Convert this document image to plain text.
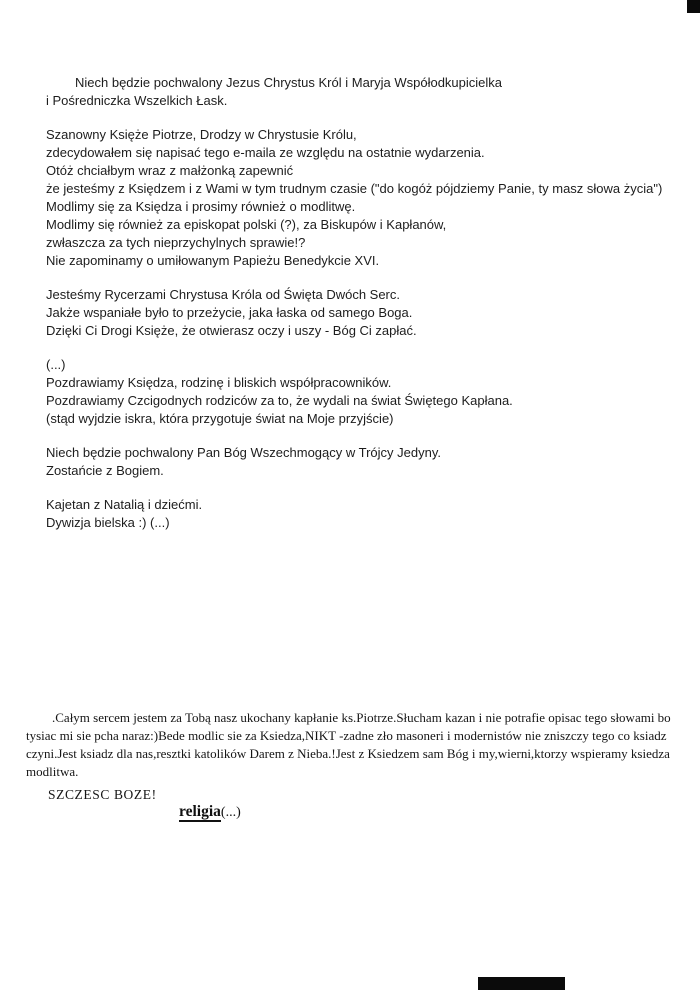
Niech będzie pochwalony Jezus Chrystus Król i Maryja Współodkupicielka
i Pośredniczka Wszelkich Łask.
Szanowny Księże Piotrze, Drodzy w Chrystusie Królu,
zdecydowałem się napisać tego e-maila ze względu na ostatnie wydarzenia.
Otóż chciałbym wraz z małżonką zapewnić
że jesteśmy z Księdzem i z Wami w tym trudnym czasie ("do kogóż pójdziemy Panie, ty masz słowa życia")
Modlimy się za Księdza i prosimy również o modlitwę.
Modlimy się również za episkopat polski (?), za Biskupów i Kapłanów,
zwłaszcza za tych nieprzychylnych sprawie!?
Nie zapominamy o umiłowanym Papieżu Benedykcie XVI.
Jesteśmy Rycerzami Chrystusa Króla od Święta Dwóch Serc.
Jakże wspaniałe było to przeżycie, jaka łaska od samego Boga.
Dzięki Ci Drogi Księże, że otwierasz oczy i uszy - Bóg Ci zapłać.
(...)
Pozdrawiamy Księdza, rodzinę i bliskich współpracowników.
Pozdrawiamy Czcigodnych rodziców za to, że wydali na świat Świętego Kapłana.
(stąd wyjdzie iskra, która przygotuje świat na Moje przyjście)
Niech będzie pochwalony Pan Bóg Wszechmogący w Trójcy Jedyny.
Zostańcie z Bogiem.
Kajetan z Natalią i dziećmi.
Dywizja bielska :) (...)
.Całym sercem jestem za Tobą nasz ukochany kapłanie ks.Piotrze.Słucham kazan i nie potrafie opisac tego słowami bo
tysiac mi sie pcha naraz:)Bede modlic sie za Ksiedza,NIKT -zadne zło masoneri i modernistów nie zniszczy tego co ksiadz
czyni.Jest ksiadz dla nas,resztki katolików Darem z Nieba.!Jest z Ksiedzem sam Bóg i my,wierni,ktorzy wspieramy ksiedza
modlitwa.
SZCZESC BOZE!
religia(...)
